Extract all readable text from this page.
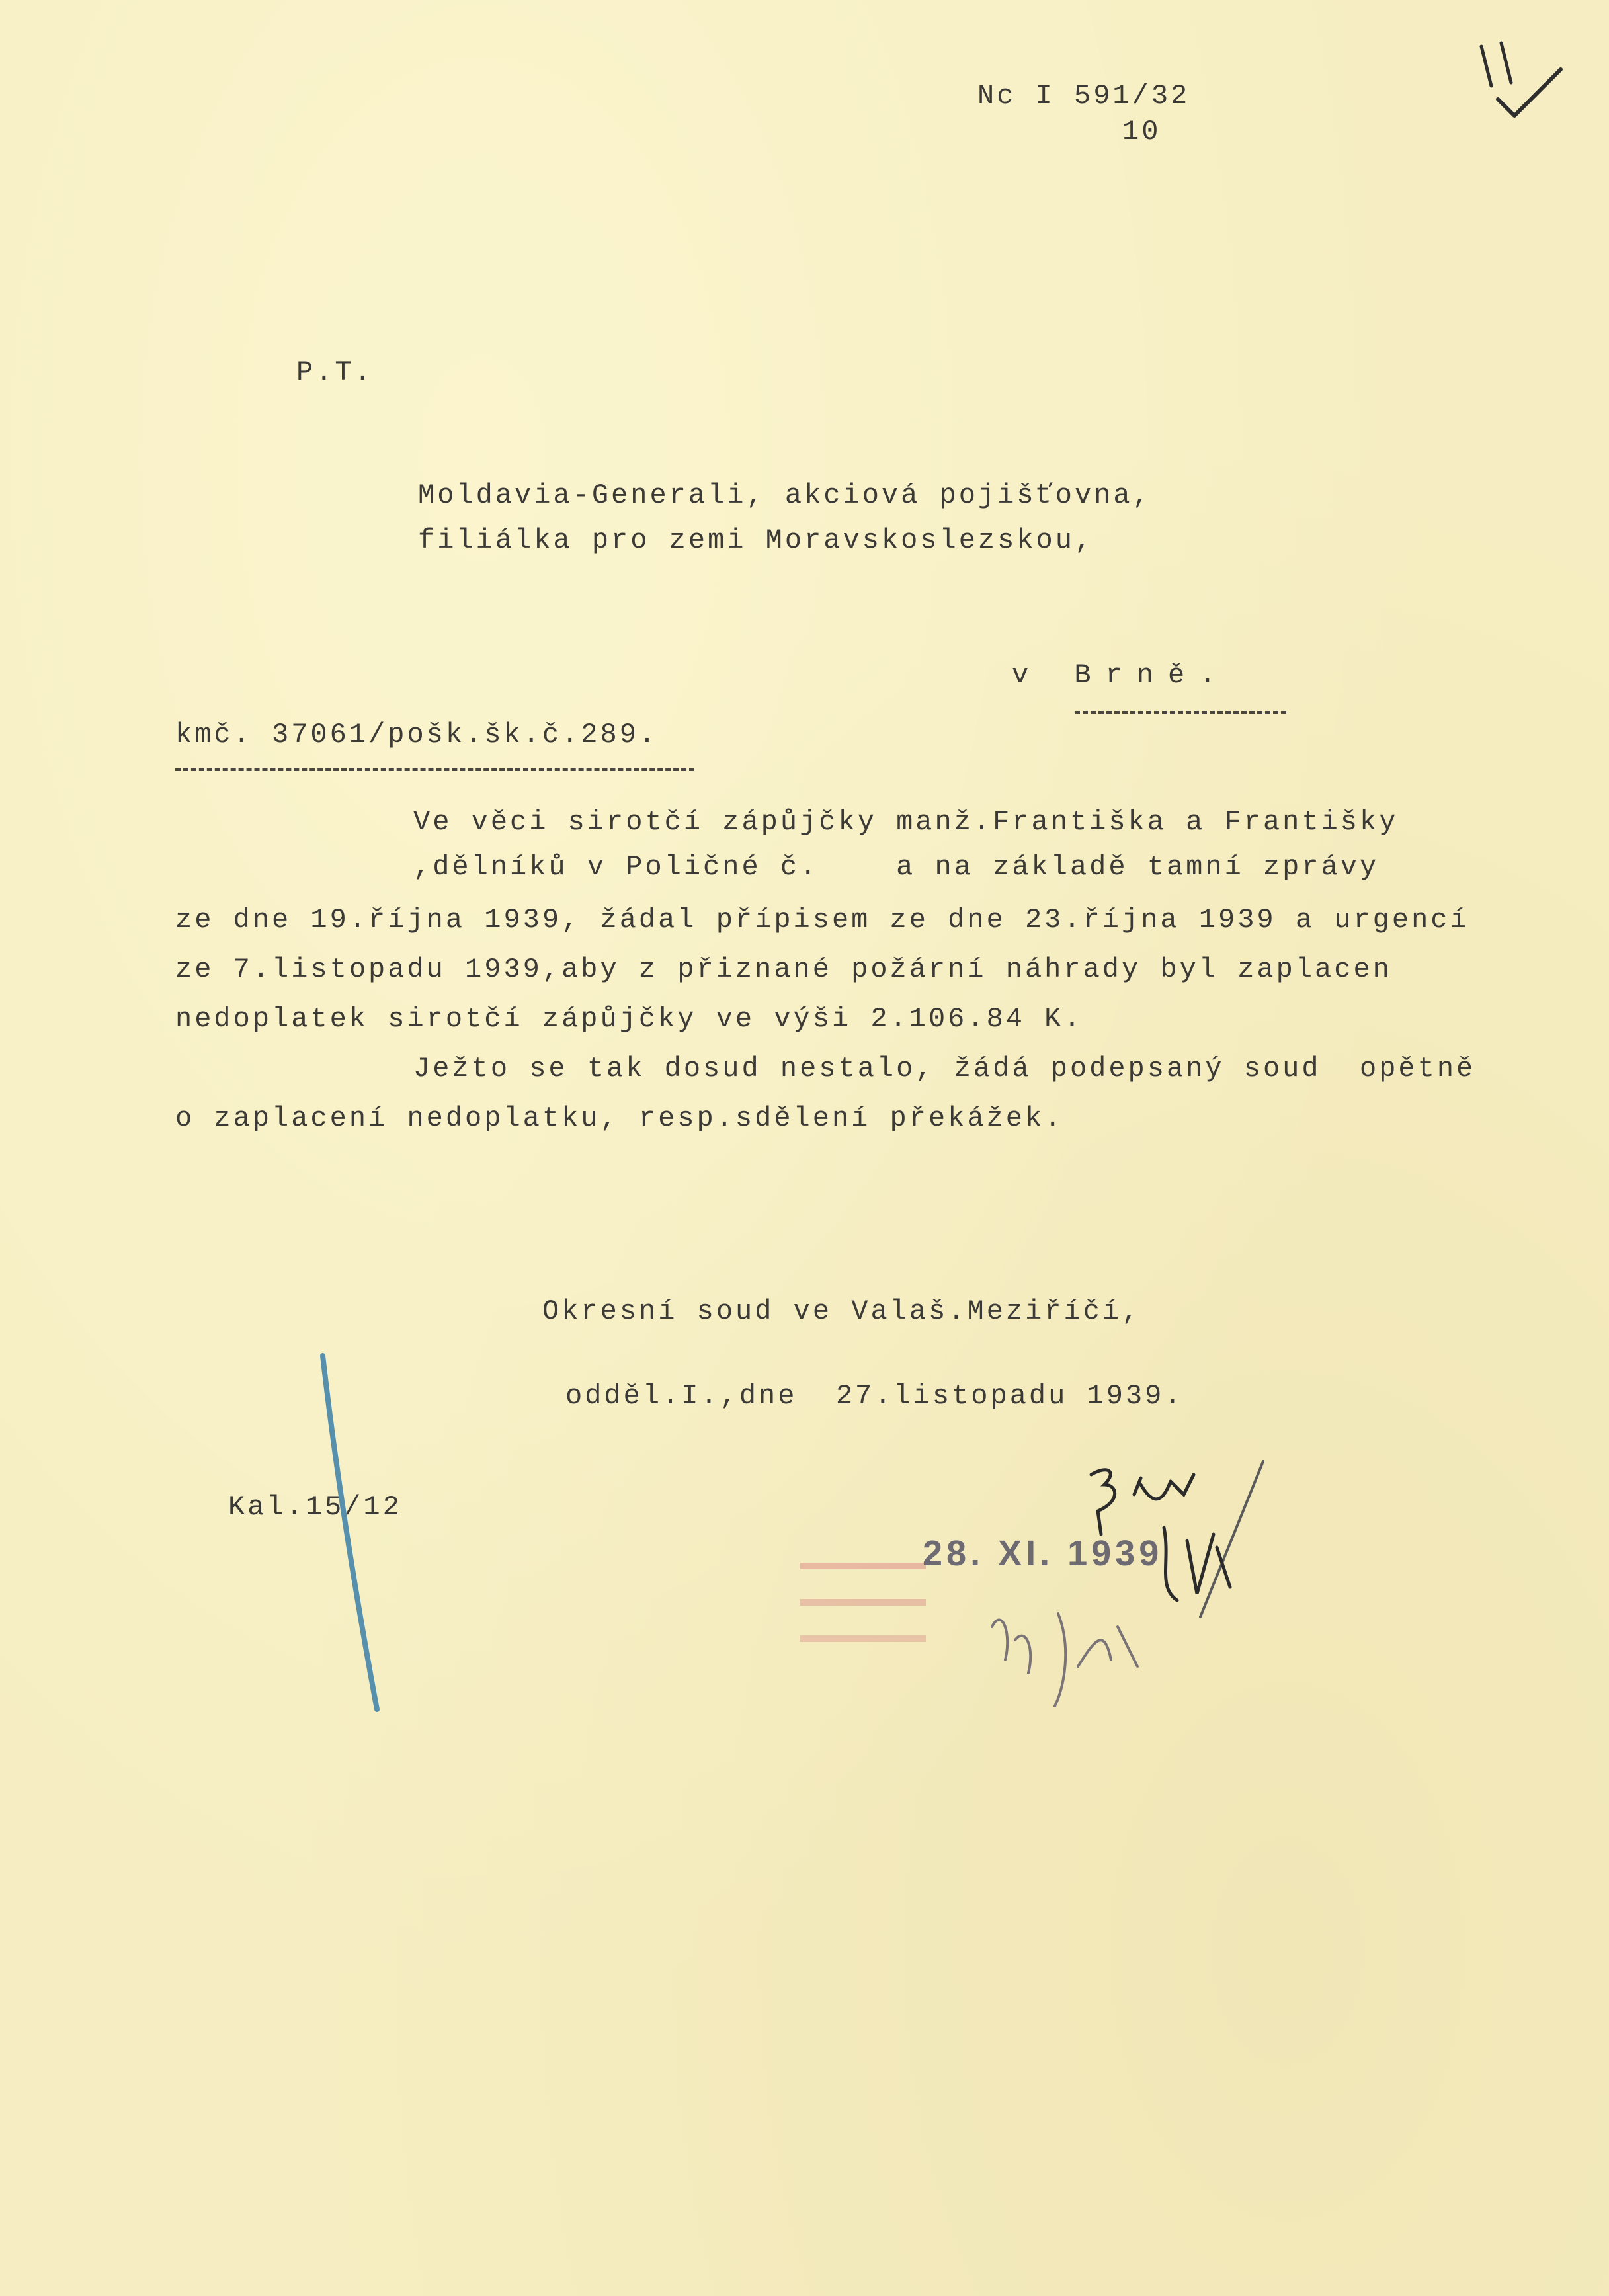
Nc I 591/32
10
P.T.
Moldavia-Generali, akciová pojišťovna,
filiálka pro zemi Moravskoslezskou,
v Brně.
kmč. 37061/pošk.šk.č.289.
Ve věci sirotčí zápůjčky manž.Františka a Františky
,dělníků v Poličné č.    a na základě tamní zprávy
ze dne 19.října 1939, žádal přípisem ze dne 23.října 1939 a urgencí
ze 7.listopadu 1939,aby z přiznané požární náhrady byl zaplacen
nedoplatek sirotčí zápůjčky ve výši 2.106.84 K.
Ježto se tak dosud nestalo, žádá podepsaný soud  opětně
o zaplacení nedoplatku, resp.sdělení překážek.
Okresní soud ve Valaš.Meziříčí,
odděl.I.,dne  27.listopadu 1939.
Kal.15/12
28. XI. 1939
